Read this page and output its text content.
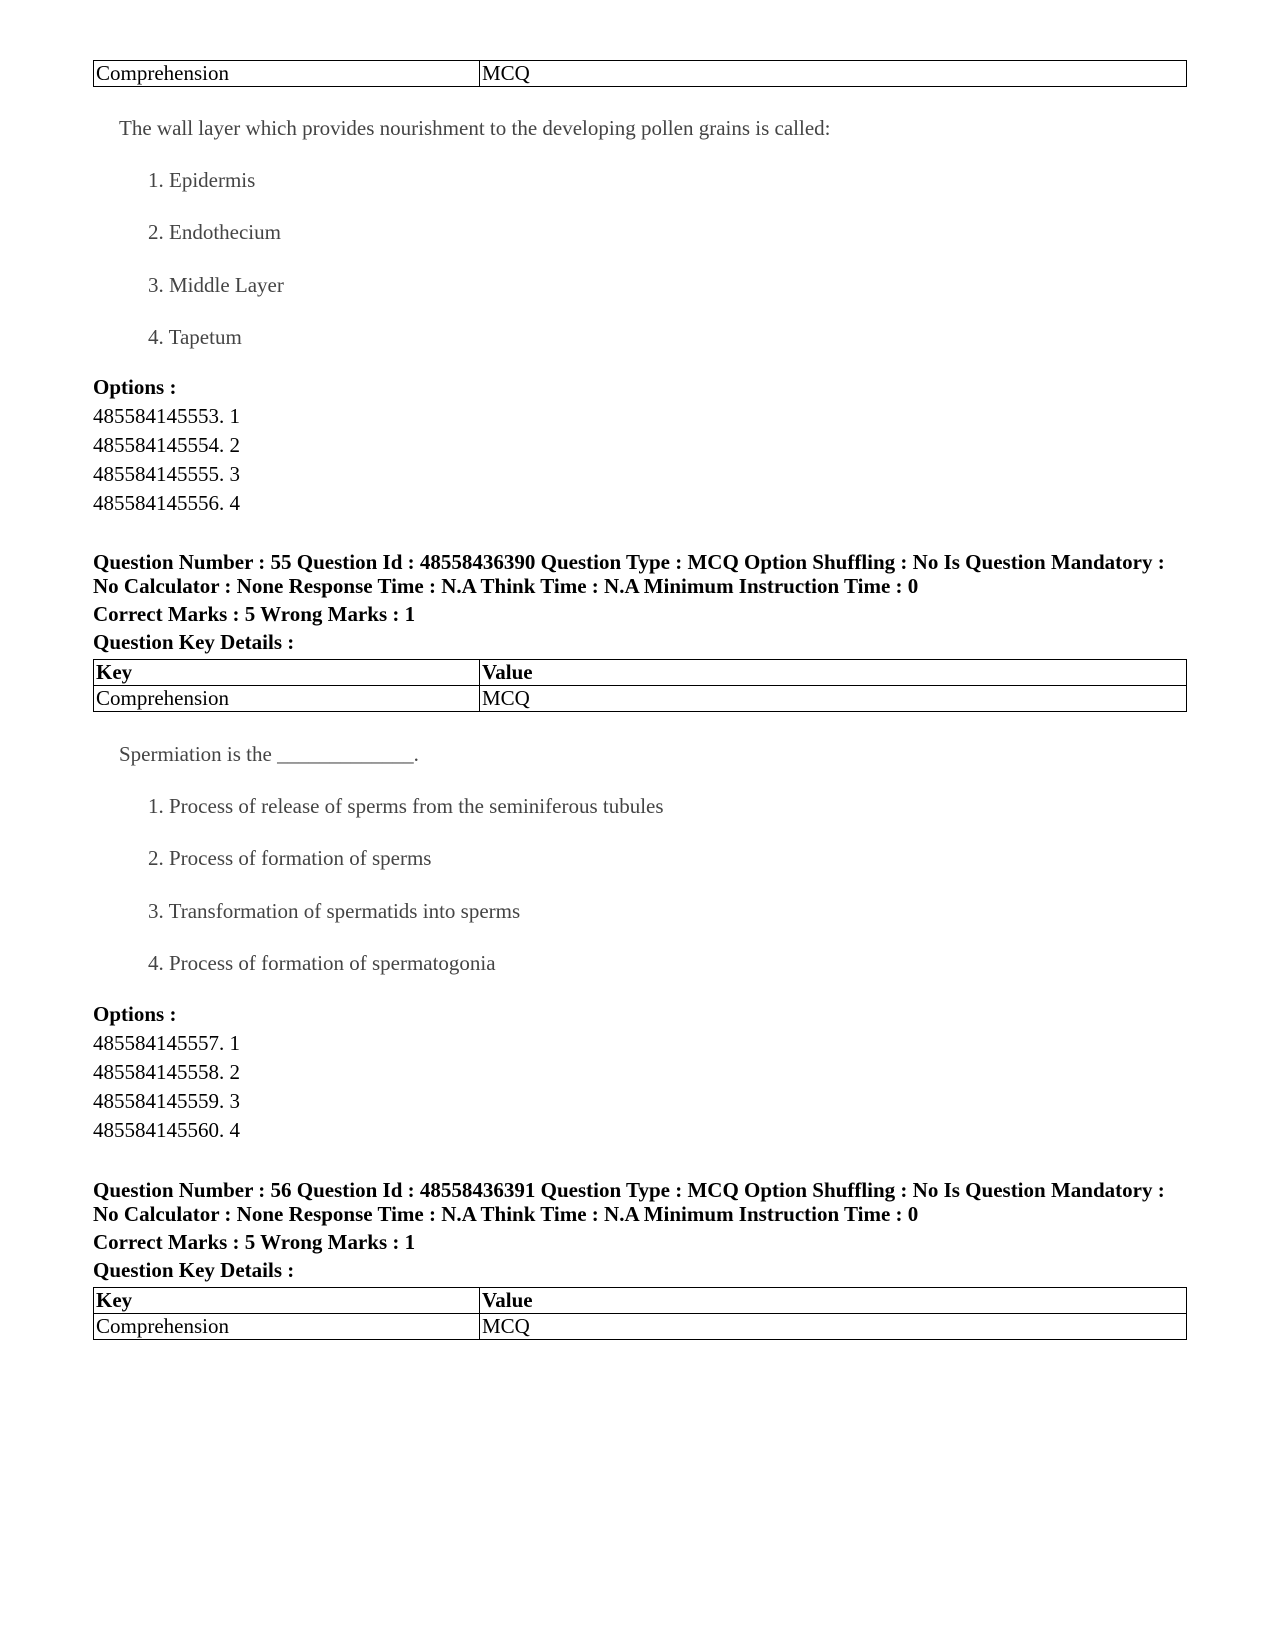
Comprehension	MCQ
The wall layer which provides nourishment to the developing pollen grains is called:
1. Epidermis
2. Endothecium
3. Middle Layer
4. Tapetum
Options :
485584145553. 1
485584145554. 2
485584145555. 3
485584145556. 4
Question Number : 55 Question Id : 48558436390 Question Type : MCQ Option Shuffling : No Is Question Mandatory :
No Calculator : None Response Time : N.A Think Time : N.A Minimum Instruction Time : 0
Correct Marks : 5 Wrong Marks : 1
Question Key Details :
Key	Value
Comprehension	MCQ
Spermiation is the _____________.
1. Process of release of sperms from the seminiferous tubules
2. Process of formation of sperms
3. Transformation of spermatids into sperms
4. Process of formation of spermatogonia
Options :
485584145557. 1
485584145558. 2
485584145559. 3
485584145560. 4
Question Number : 56 Question Id : 48558436391 Question Type : MCQ Option Shuffling : No Is Question Mandatory :
No Calculator : None Response Time : N.A Think Time : N.A Minimum Instruction Time : 0
Correct Marks : 5 Wrong Marks : 1
Question Key Details :
Key	Value
Comprehension	MCQ
